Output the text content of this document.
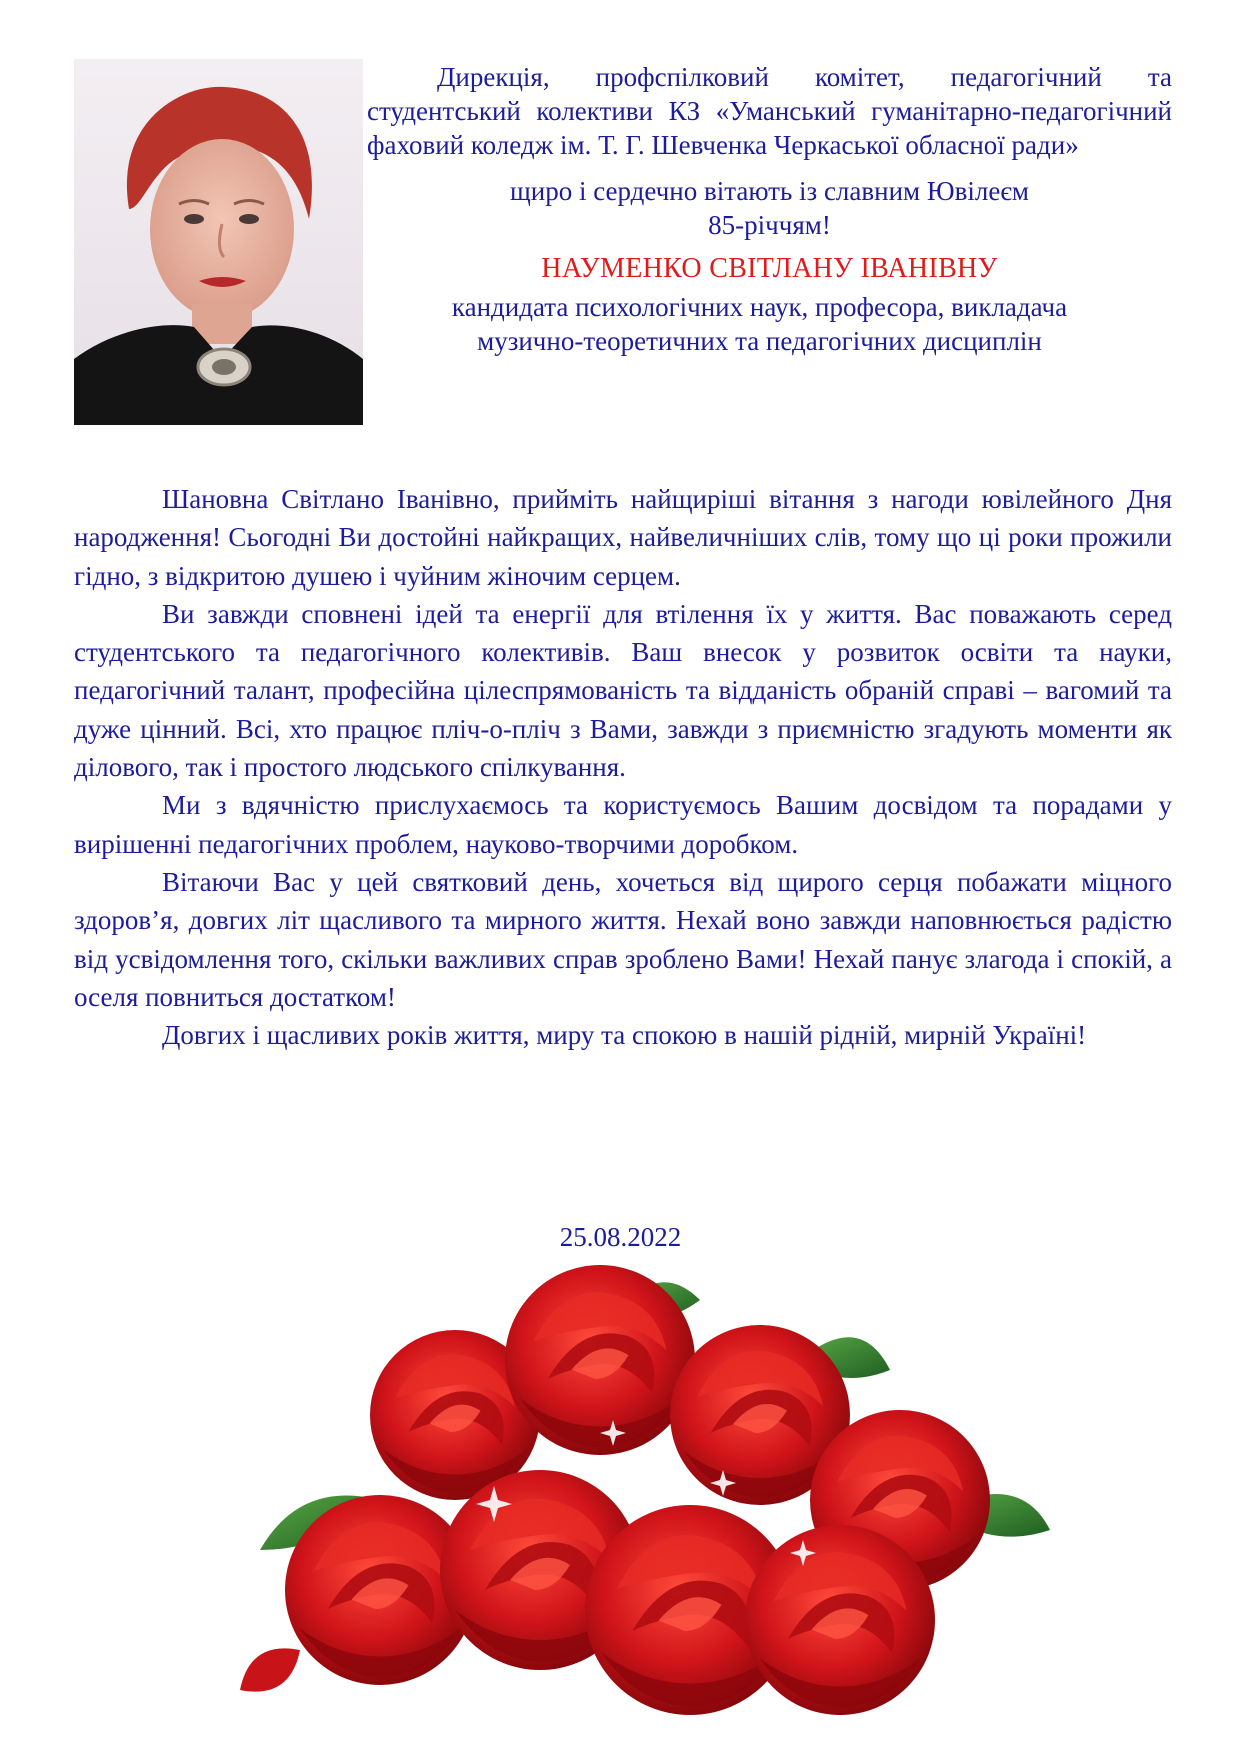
Дирекція, профспілковий комітет, педагогічний та студентський колективи КЗ «Уманський гуманітарно-педагогічний фаховий коледж ім. Т. Г. Шевченка Черкаської обласної ради»

щиро і сердечно вітають із славним Ювілеєм
85-річчям!

НАУМЕНКО СВІТЛАНУ ІВАНІВНУ

кандидата психологічних наук, професора, викладача
музично-теоретичних та педагогічних дисциплін

Шановна Світлано Іванівно, прийміть найщиріші вітання з нагоди ювілейного Дня народження! Сьогодні Ви достойні найкращих, найвеличніших слів, тому що ці роки прожили гідно, з відкритою душею і чуйним жіночим серцем.

Ви завжди сповнені ідей та енергії для втілення їх у життя. Вас поважають серед студентського та педагогічного колективів. Ваш внесок у розвиток освіти та науки, педагогічний талант, професійна цілеспрямованість та відданість обраній справі – вагомий та дуже цінний. Всі, хто працює пліч-о-пліч з Вами, завжди з приємністю згадують моменти як ділового, так і простого людського спілкування.

Ми з вдячністю прислухаємось та користуємось Вашим досвідом та порадами у вирішенні педагогічних проблем, науково-творчими доробком.

Вітаючи Вас у цей святковий день, хочеться від щирого серця побажати міцного здоров’я, довгих літ щасливого та мирного життя. Нехай воно завжди наповнюється радістю від усвідомлення того, скільки важливих справ зроблено Вами! Нехай панує злагода і спокій, а оселя повниться достатком!

Довгих і щасливих років життя, миру та спокою в нашій рідній, мирній Україні!

25.08.2022
